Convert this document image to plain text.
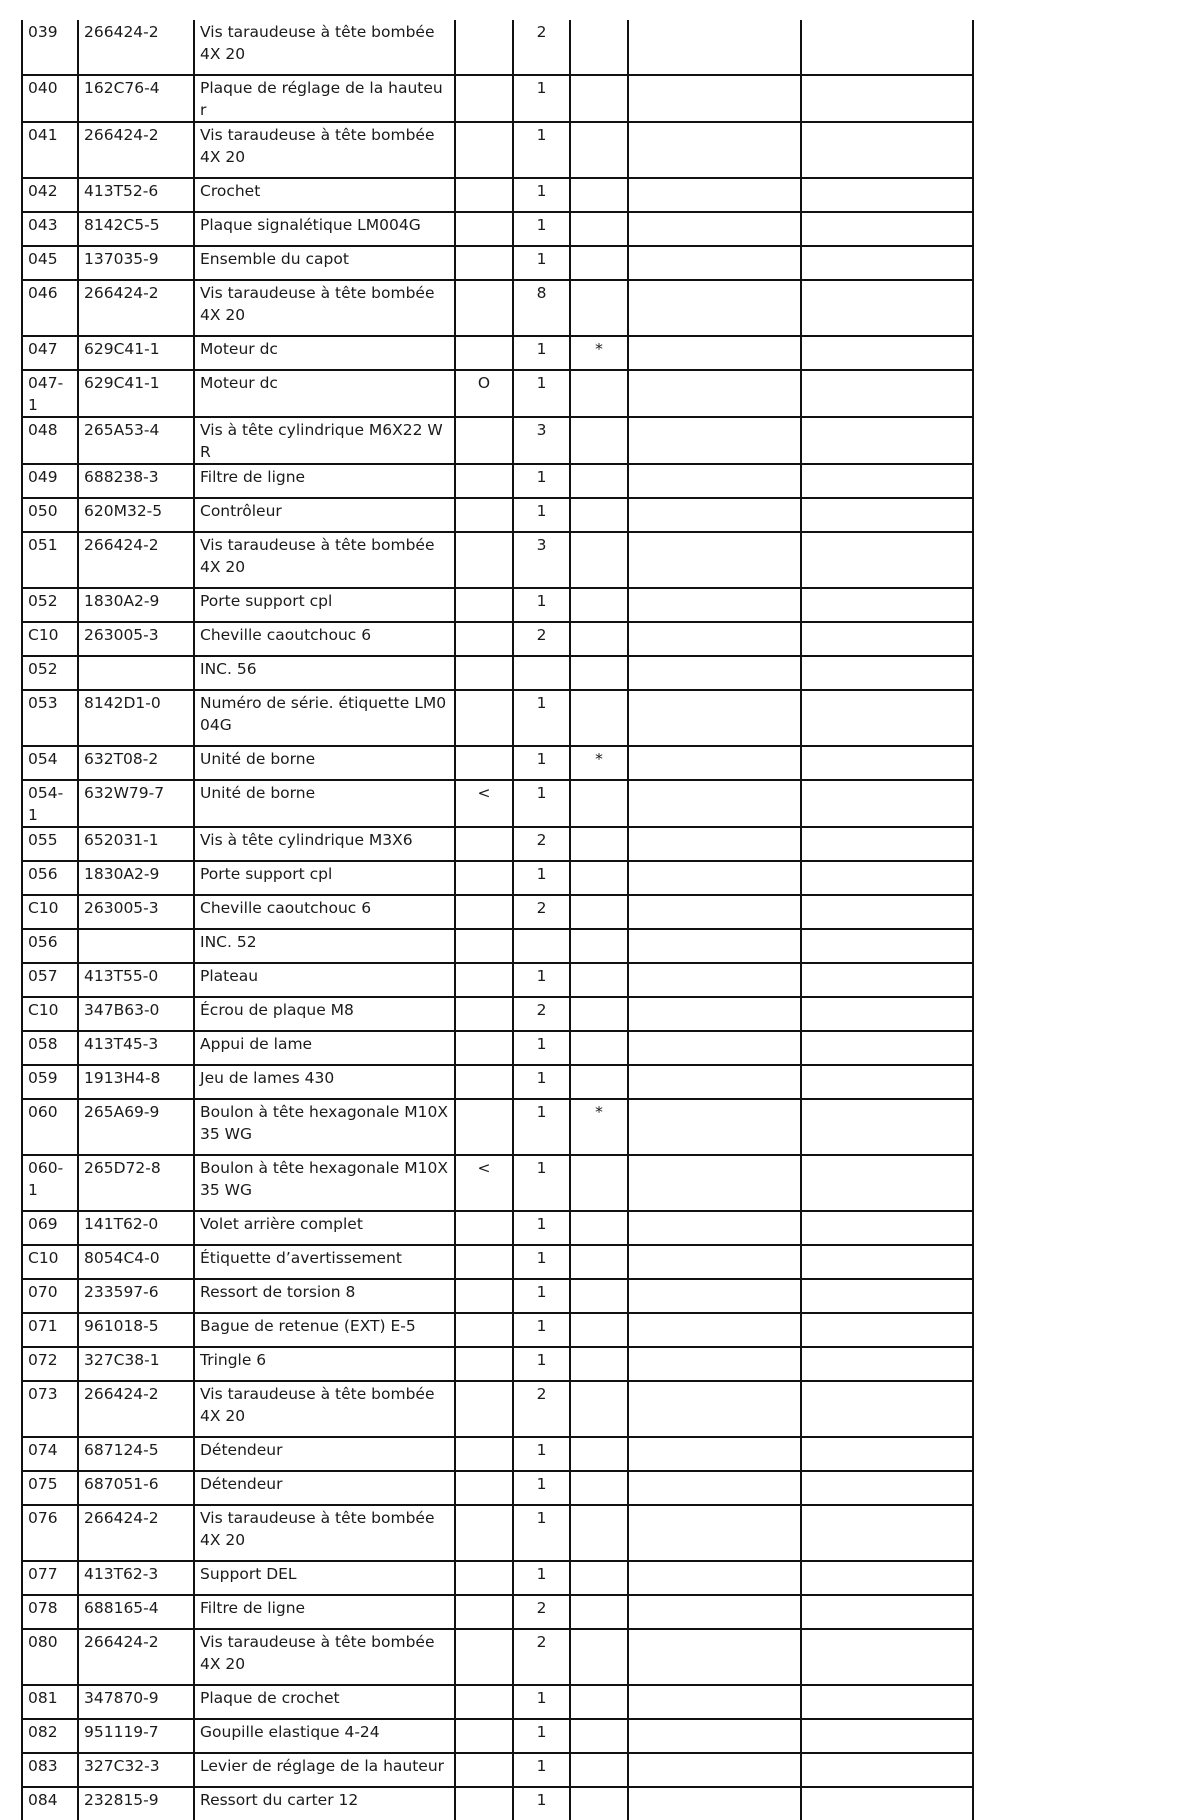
039	266424-2	Vis taraudeuse à tête bombée 4X 20		2			
040	162C76-4	Plaque de réglage de la hauteur		1			
041	266424-2	Vis taraudeuse à tête bombée 4X 20		1			
042	413T52-6	Crochet		1			
043	8142C5-5	Plaque signalétique LM004G		1			
045	137035-9	Ensemble du capot		1			
046	266424-2	Vis taraudeuse à tête bombée 4X 20		8			
047	629C41-1	Moteur dc		1	*		
047-1	629C41-1	Moteur dc	O	1			
048	265A53-4	Vis à tête cylindrique M6X22 WR		3			
049	688238-3	Filtre de ligne		1			
050	620M32-5	Contrôleur		1			
051	266424-2	Vis taraudeuse à tête bombée 4X 20		3			
052	1830A2-9	Porte support cpl		1			
C10	263005-3	Cheville caoutchouc 6		2			
052		INC. 56					
053	8142D1-0	Numéro de série. étiquette LM004G		1			
054	632T08-2	Unité de borne		1	*		
054-1	632W79-7	Unité de borne	<	1			
055	652031-1	Vis à tête cylindrique M3X6		2			
056	1830A2-9	Porte support cpl		1			
C10	263005-3	Cheville caoutchouc 6		2			
056		INC. 52					
057	413T55-0	Plateau		1			
C10	347B63-0	Écrou de plaque M8		2			
058	413T45-3	Appui de lame		1			
059	1913H4-8	Jeu de lames 430		1			
060	265A69-9	Boulon à tête hexagonale M10X35 WG		1	*		
060-1	265D72-8	Boulon à tête hexagonale M10X35 WG	<	1			
069	141T62-0	Volet arrière complet		1			
C10	8054C4-0	Étiquette d’avertissement		1			
070	233597-6	Ressort de torsion 8		1			
071	961018-5	Bague de retenue (EXT) E-5		1			
072	327C38-1	Tringle 6		1			
073	266424-2	Vis taraudeuse à tête bombée 4X 20		2			
074	687124-5	Détendeur		1			
075	687051-6	Détendeur		1			
076	266424-2	Vis taraudeuse à tête bombée 4X 20		1			
077	413T62-3	Support DEL		1			
078	688165-4	Filtre de ligne		2			
080	266424-2	Vis taraudeuse à tête bombée 4X 20		2			
081	347870-9	Plaque de crochet		1			
082	951119-7	Goupille elastique 4-24		1			
083	327C32-3	Levier de réglage de la hauteur		1			
084	232815-9	Ressort du carter 12		1			
